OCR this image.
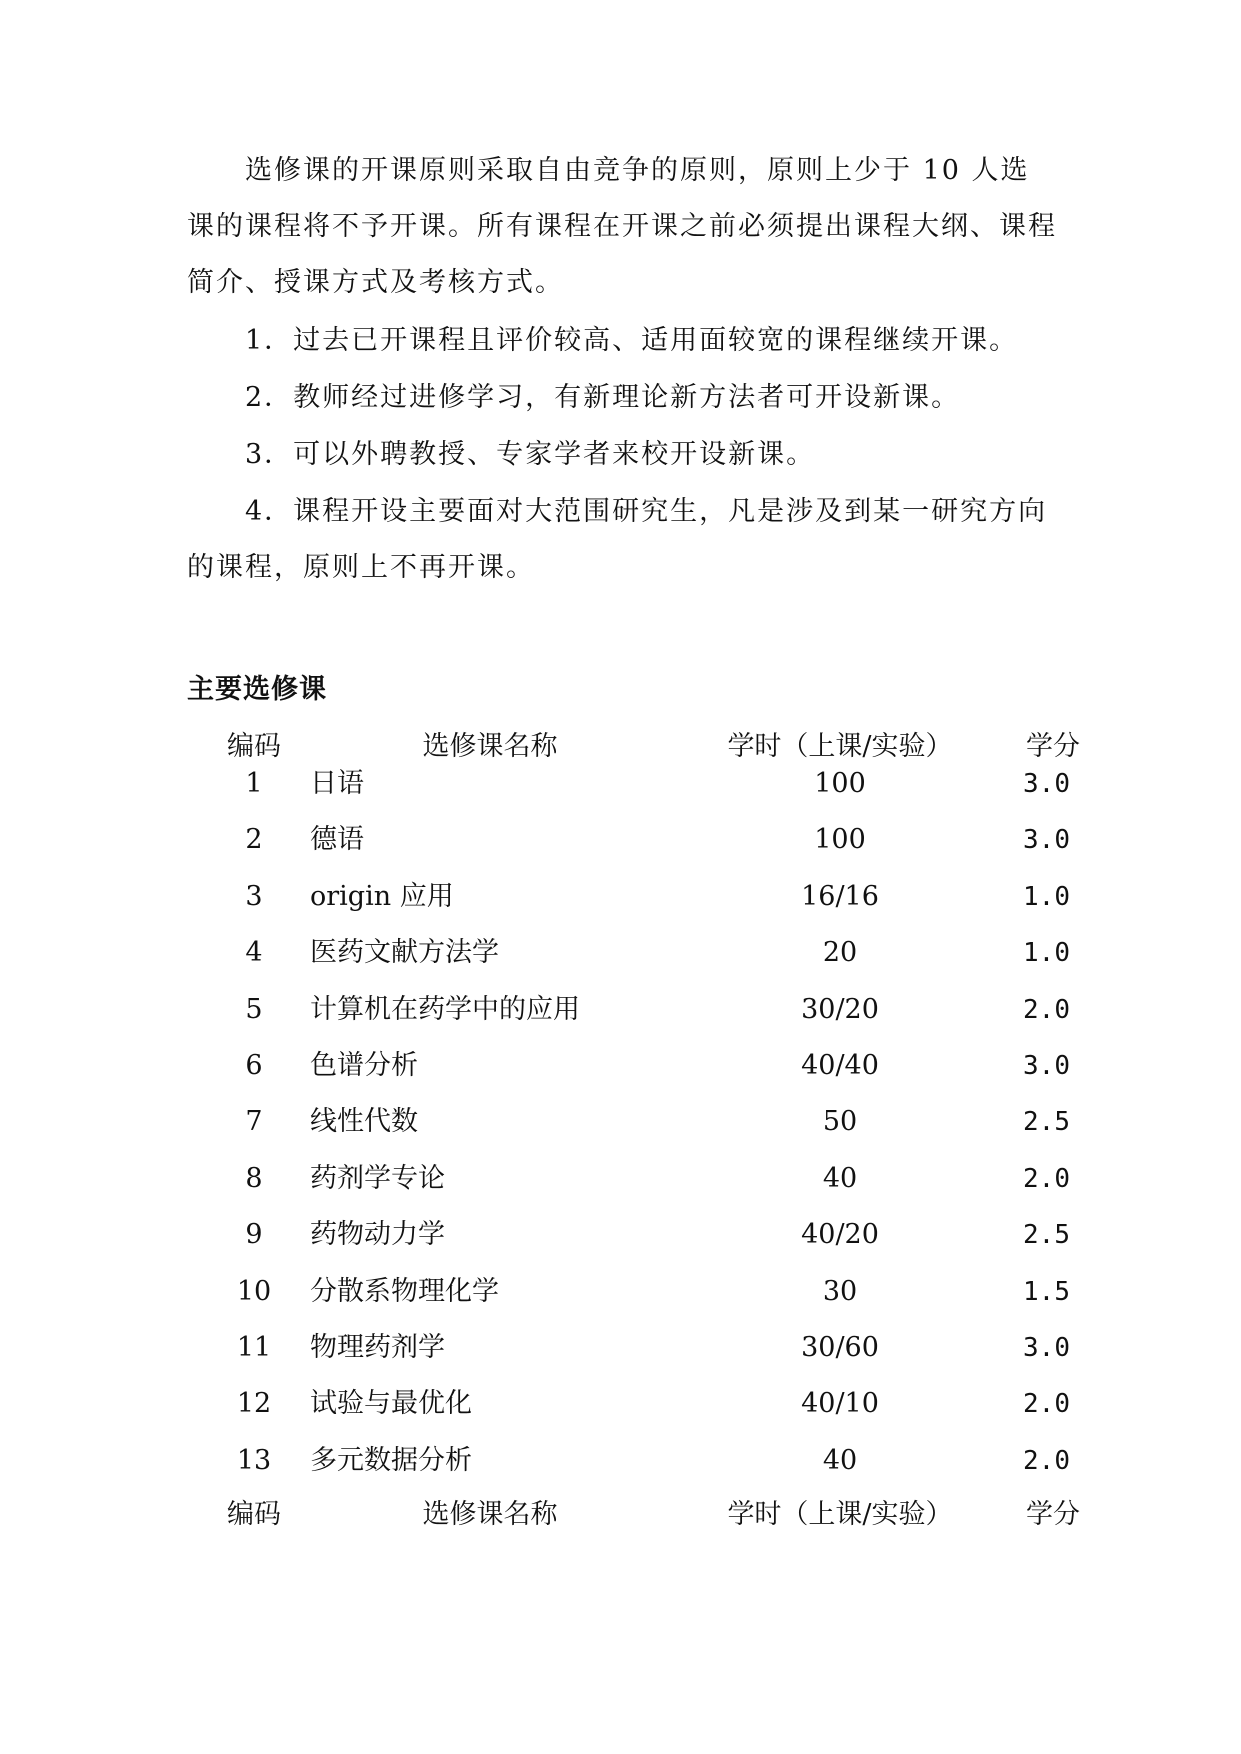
选修课的开课原则采取自由竞争的原则，原则上少于 10 人选课的课程将不予开课。所有课程在开课之前必须提出课程大纲、课程简介、授课方式及考核方式。

1．过去已开课程且评价较高、适用面较宽的课程继续开课。

2．教师经过进修学习，有新理论新方法者可开设新课。

3．可以外聘教授、专家学者来校开设新课。

4．课程开设主要面对大范围研究生，凡是涉及到某一研究方向的课程，原则上不再开课。

主要选修课
编码	选修课名称	学时（上课/实验）	学分
1	日语	100	3.0
2	德语	100	3.0
3	origin 应用	16/16	1.0
4	医药文献方法学	20	1.0
5	计算机在药学中的应用	30/20	2.0
6	色谱分析	40/40	3.0
7	线性代数	50	2.5
8	药剂学专论	40	2.0
9	药物动力学	40/20	2.5
10	分散系物理化学	30	1.5
11	物理药剂学	30/60	3.0
12	试验与最优化	40/10	2.0
13	多元数据分析	40	2.0
编码	选修课名称	学时（上课/实验）	学分
